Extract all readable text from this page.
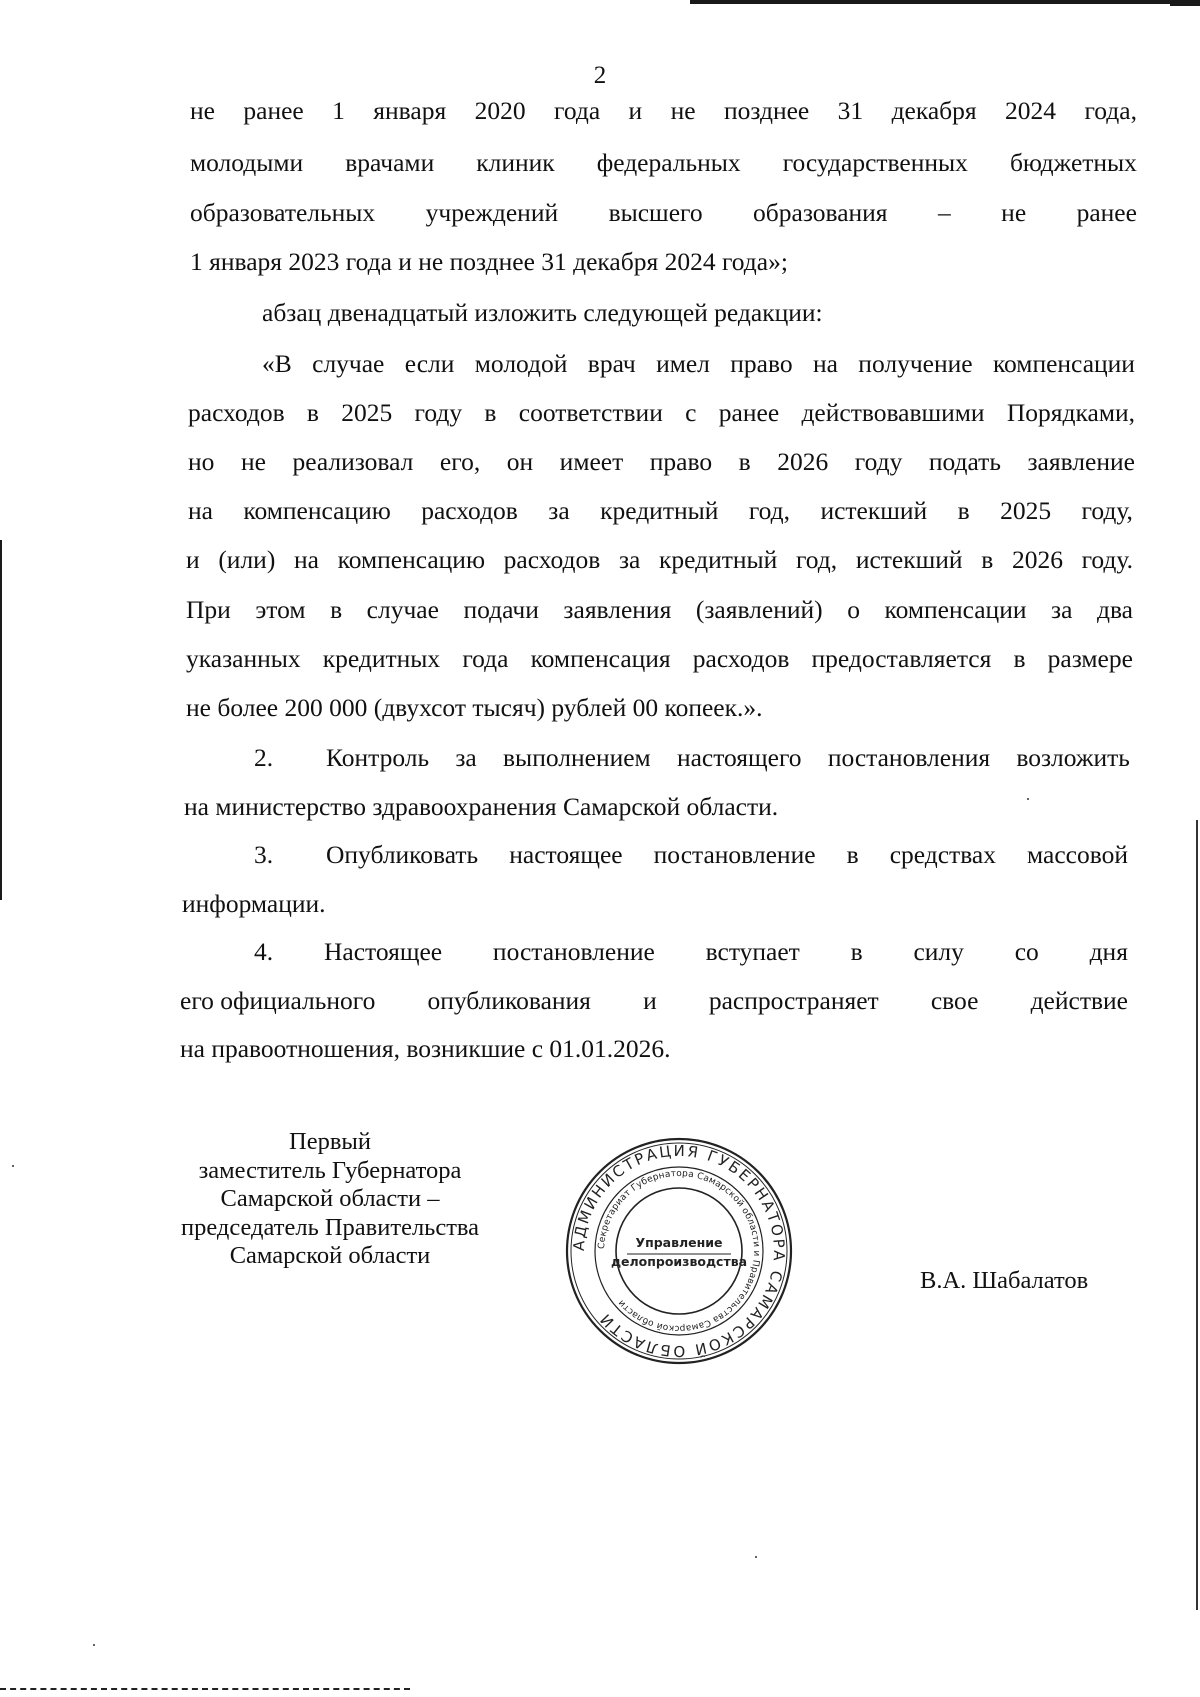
2
не ранее 1 января 2020 года и не позднее 31 декабря 2024 года,
молодыми врачами клиник федеральных государственных бюджетных
образовательных учреждений высшего образования – не ранее
1 января 2023 года и не позднее 31 декабря 2024 года»;
абзац двенадцатый изложить следующей редакции:
«В случае если молодой врач имел право на получение компенсации
расходов в 2025 году в соответствии с ранее действовавшими Порядками,
но не реализовал его, он имеет право в 2026 году подать заявление
на компенсацию расходов за кредитный год, истекший в 2025 году,
и (или) на компенсацию расходов за кредитный год, истекший в 2026 году.
При этом в случае подачи заявления (заявлений) о компенсации за два
указанных кредитных года компенсация расходов предоставляется в размере
не более 200 000 (двухсот тысяч) рублей 00 копеек.».
2. Контроль за выполнением настоящего постановления возложить
на министерство здравоохранения Самарской области.
3. Опубликовать настоящее постановление в средствах массовой
информации.
4. Настоящее постановление вступает в силу со дня
его официального опубликования и распространяет свое действие
на правоотношения, возникшие с 01.01.2026.
Первый
заместитель Губернатора
Самарской области –
председатель Правительства
Самарской области	АДМИНИСТРАЦИЯ ГУБЕРНАТОРА САМАРСКОЙ ОБЛАСТИ
Секретариат Губернатора Самарской области и Правительства Самарской области
Управление
делопроизводства
В.А. Шабалатов
